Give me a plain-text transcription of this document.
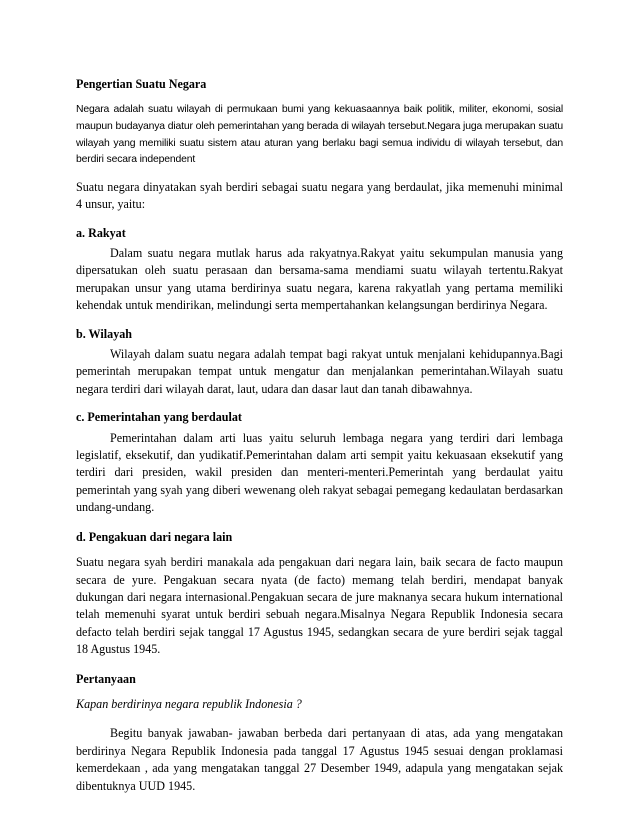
Pengertian Suatu Negara

Negara adalah suatu wilayah di permukaan bumi yang kekuasaannya baik politik, militer, ekonomi, sosial maupun budayanya diatur oleh pemerintahan yang berada di wilayah tersebut.Negara juga merupakan suatu wilayah yang memiliki suatu sistem atau aturan yang berlaku bagi semua individu di wilayah tersebut, dan berdiri secara independent

Suatu negara dinyatakan syah berdiri sebagai suatu negara yang berdaulat, jika memenuhi minimal 4 unsur, yaitu:

a. Rakyat

Dalam suatu negara mutlak harus ada rakyatnya.Rakyat yaitu sekumpulan manusia yang dipersatukan oleh suatu perasaan dan bersama-sama mendiami suatu wilayah tertentu.Rakyat merupakan unsur yang utama berdirinya suatu negara, karena rakyatlah yang pertama memiliki kehendak untuk mendirikan, melindungi serta mempertahankan kelangsungan berdirinya Negara.

b. Wilayah

Wilayah dalam suatu negara adalah tempat bagi rakyat untuk menjalani kehidupannya.Bagi pemerintah merupakan tempat untuk mengatur dan menjalankan pemerintahan.Wilayah suatu negara terdiri dari wilayah darat, laut, udara dan dasar laut dan tanah dibawahnya.

c. Pemerintahan yang berdaulat

Pemerintahan dalam arti luas yaitu seluruh lembaga negara yang terdiri dari lembaga legislatif, eksekutif, dan yudikatif.Pemerintahan dalam arti sempit yaitu kekuasaan eksekutif yang terdiri dari presiden, wakil presiden dan menteri-menteri.Pemerintah yang berdaulat yaitu pemerintah yang syah yang diberi wewenang oleh rakyat sebagai pemegang kedaulatan berdasarkan undang-undang.

d. Pengakuan dari negara lain

Suatu negara syah berdiri manakala ada pengakuan dari negara lain, baik secara de facto maupun secara de yure. Pengakuan secara nyata (de facto) memang telah berdiri, mendapat banyak dukungan dari negara internasional.Pengakuan secara de jure maknanya secara hukum international telah memenuhi syarat untuk berdiri sebuah negara.Misalnya Negara Republik Indonesia secara defacto telah berdiri sejak tanggal 17 Agustus 1945, sedangkan secara de yure berdiri sejak taggal 18 Agustus 1945.

Pertanyaan

Kapan berdirinya negara republik Indonesia ?

Begitu banyak jawaban- jawaban berbeda dari pertanyaan di atas, ada yang mengatakan berdirinya Negara Republik Indonesia pada tanggal 17 Agustus 1945 sesuai dengan proklamasi kemerdekaan , ada yang mengatakan tanggal 27 Desember 1949, adapula yang mengatakan sejak dibentuknya UUD 1945.
